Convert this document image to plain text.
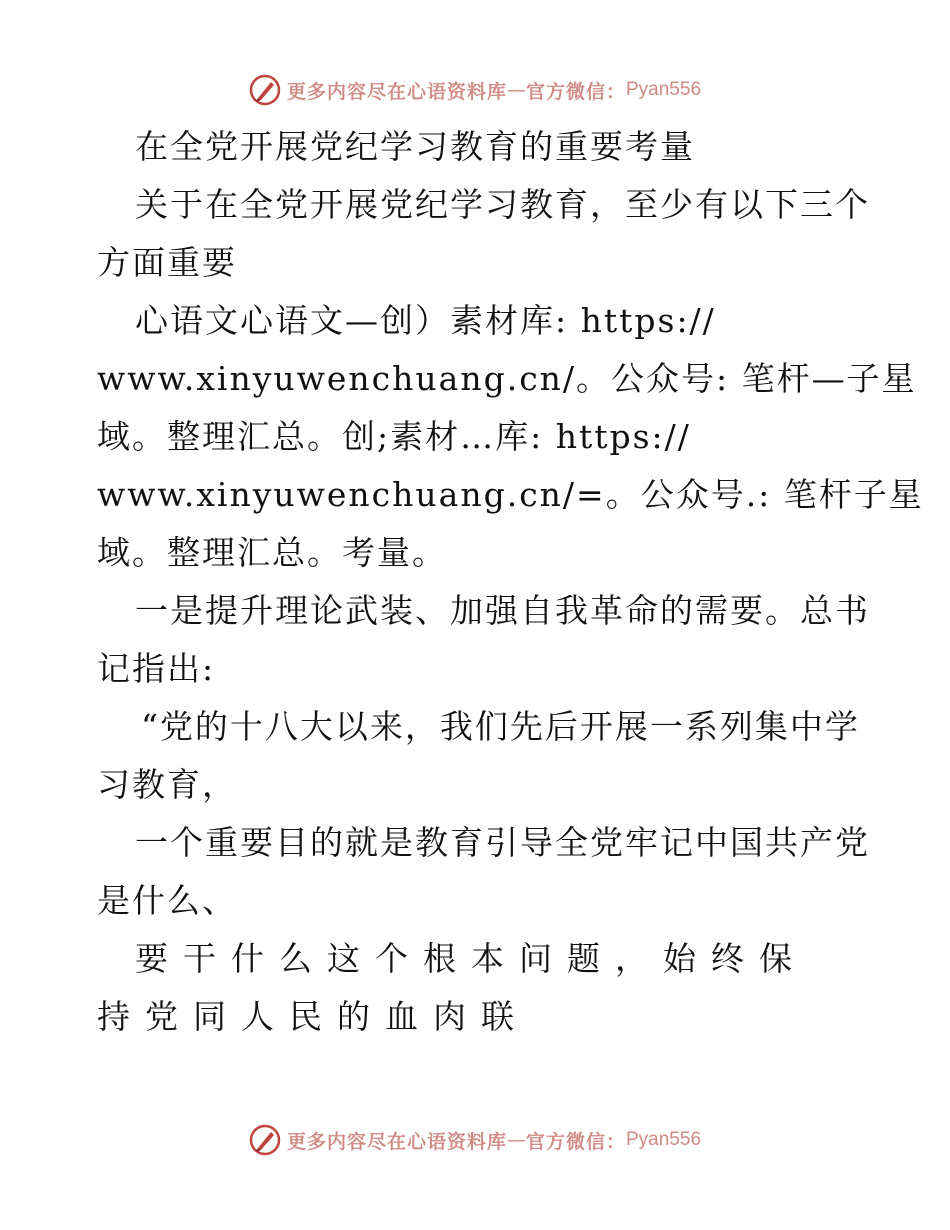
更多内容尽在心语资料库 — 官方微信： Pyan556
在全党开展党纪学习教育的重要考量
关于在全党开展党纪学习教育，至少有以下三个
方面重要
心语文心语文—创）素材库: https://
www.xinyuwenchuang.cn/。公众号: 笔杆—子星
域。整理汇总。创;素材…库: https://
www.xinyuwenchuang.cn/=。公众号.: 笔杆子星
域。整理汇总。考量。
一是提升理论武装、加强自我革命的需要。总书
记指出:
“党的十八大以来，我们先后开展一系列集中学
习教育，
一个重要目的就是教育引导全党牢记中国共产党
是什么、
要干什么这个根本问题，始终保
持党同人民的血肉联
更多内容尽在心语资料库 — 官方微信： Pyan556
